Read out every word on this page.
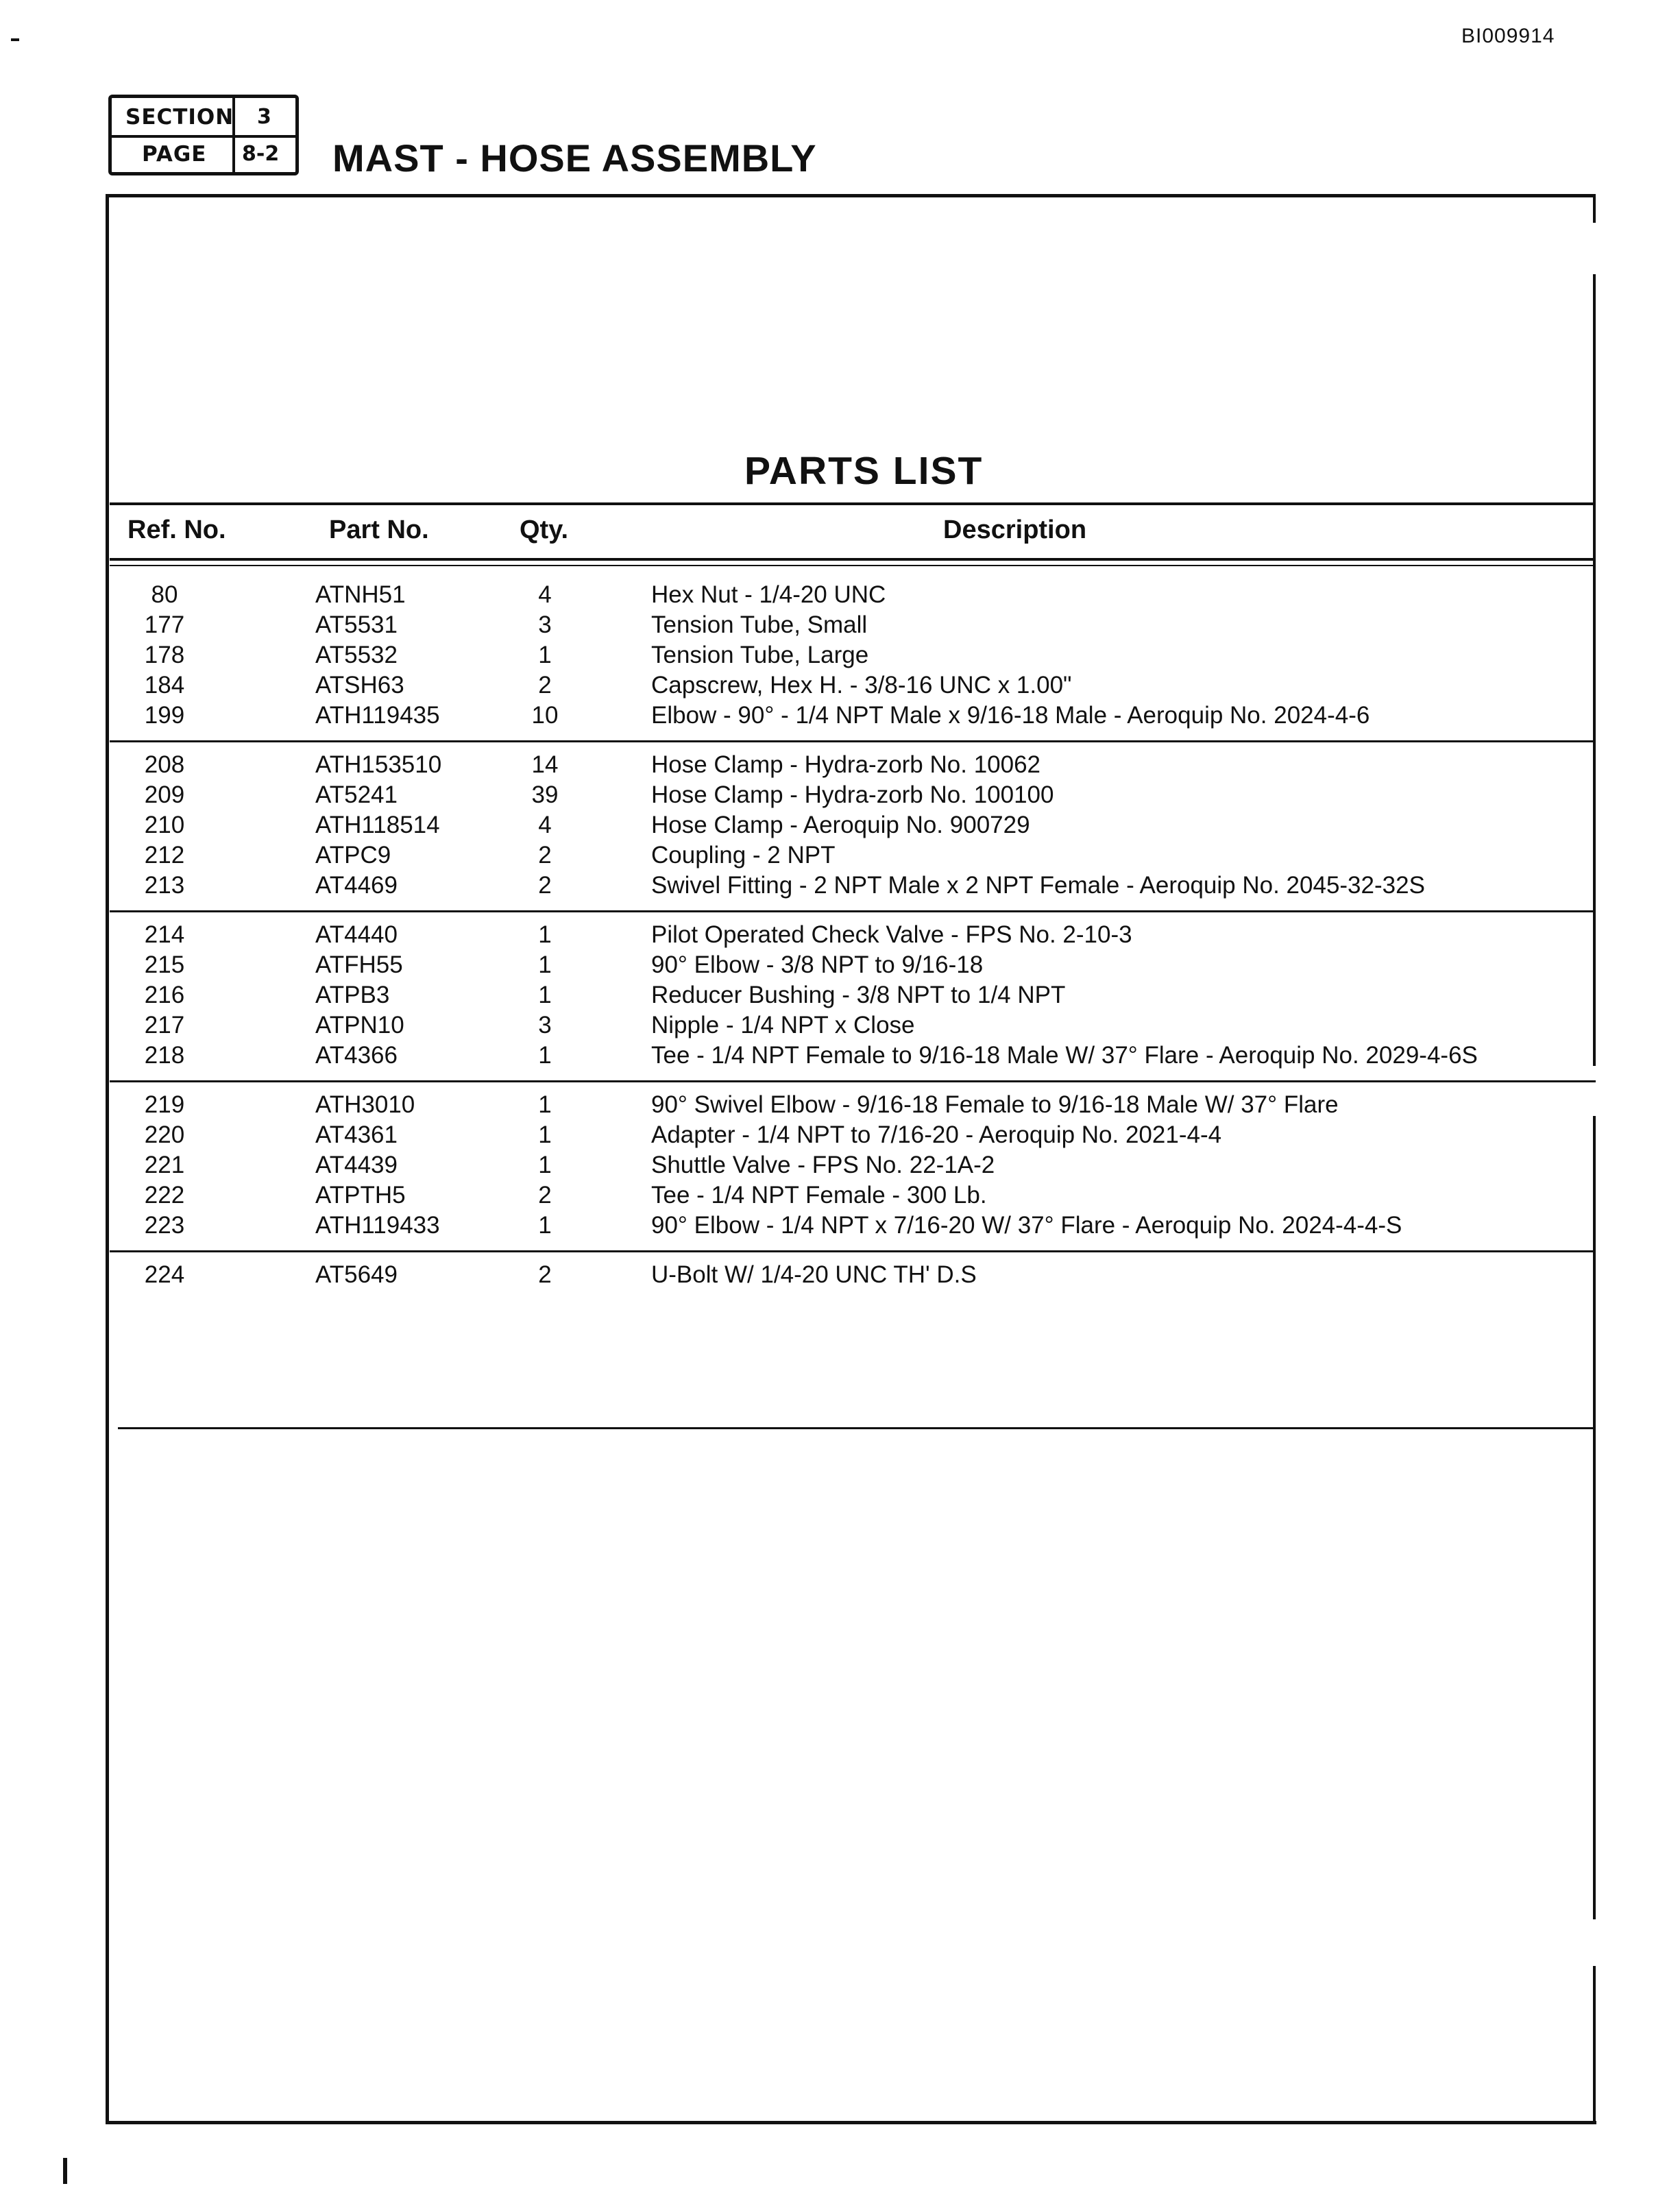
BI009914
SECTION 3
PAGE 8-2 MAST - HOSE ASSEMBLY
PARTS LIST
Ref. No.	Part No.	Qty.	Description
80	ATNH51	4	Hex Nut - 1/4-20 UNC
177	AT5531	3	Tension Tube, Small
178	AT5532	1	Tension Tube, Large
184	ATSH63	2	Capscrew, Hex H. - 3/8-16 UNC x 1.00"
199	ATH119435	10	Elbow - 90° - 1/4 NPT Male x 9/16-18 Male - Aeroquip No. 2024-4-6
208	ATH153510	14	Hose Clamp - Hydra-zorb No. 10062
209	AT5241	39	Hose Clamp - Hydra-zorb No. 100100
210	ATH118514	4	Hose Clamp - Aeroquip No. 900729
212	ATPC9	2	Coupling - 2 NPT
213	AT4469	2	Swivel Fitting - 2 NPT Male x 2 NPT Female - Aeroquip No. 2045-32-32S
214	AT4440	1	Pilot Operated Check Valve - FPS No. 2-10-3
215	ATFH55	1	90° Elbow - 3/8 NPT to 9/16-18
216	ATPB3	1	Reducer Bushing - 3/8 NPT to 1/4 NPT
217	ATPN10	3	Nipple - 1/4 NPT x Close
218	AT4366	1	Tee - 1/4 NPT Female to 9/16-18 Male W/ 37° Flare - Aeroquip No. 2029-4-6S
219	ATH3010	1	90° Swivel Elbow - 9/16-18 Female to 9/16-18 Male W/ 37° Flare
220	AT4361	1	Adapter - 1/4 NPT to 7/16-20 - Aeroquip No. 2021-4-4
221	AT4439	1	Shuttle Valve - FPS No. 22-1A-2
222	ATPTH5	2	Tee - 1/4 NPT Female - 300 Lb.
223	ATH119433	1	90° Elbow - 1/4 NPT x 7/16-20 W/ 37° Flare - Aeroquip No. 2024-4-4-S
224	AT5649	2	U-Bolt W/ 1/4-20 UNC TH' D.S
